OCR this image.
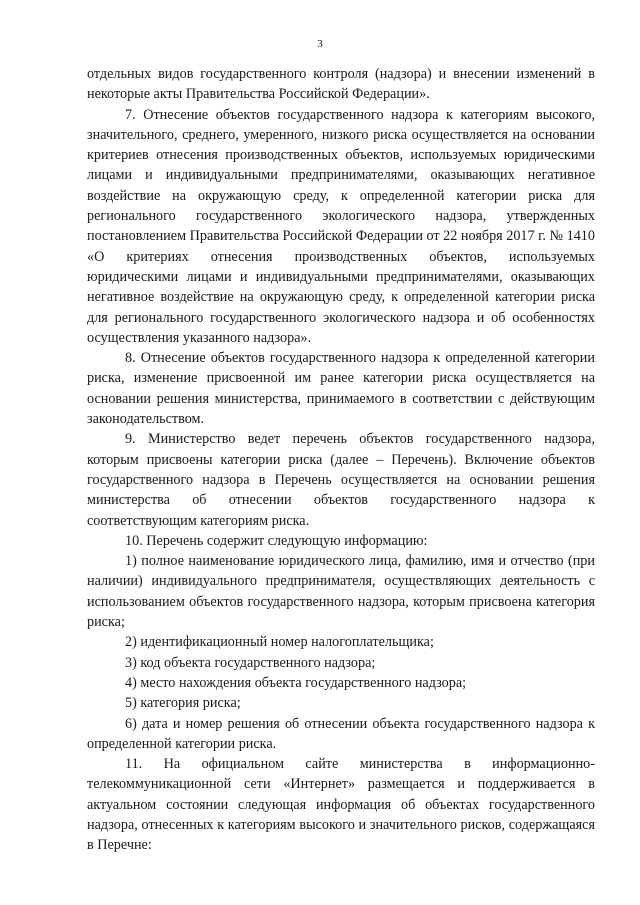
3

отдельных видов государственного контроля (надзора) и внесении изменений в некоторые акты Правительства Российской Федерации».

7. Отнесение объектов государственного надзора к категориям высокого, значительного, среднего, умеренного, низкого риска осуществляется на основании критериев отнесения производственных объектов, используемых юридическими лицами и индивидуальными предпринимателями, оказывающих негативное воздействие на окружающую среду, к определенной категории риска для регионального государственного экологического надзора, утвержденных постановлением Правительства Российской Федерации от 22 ноября 2017 г. № 1410 «О критериях отнесения производственных объектов, используемых юридическими лицами и индивидуальными предпринимателями, оказывающих негативное воздействие на окружающую среду, к определенной категории риска для регионального государственного экологического надзора и об особенностях осуществления указанного надзора».

8. Отнесение объектов государственного надзора к определенной категории риска, изменение присвоенной им ранее категории риска осуществляется на основании решения министерства, принимаемого в соответствии с действующим законодательством.

9. Министерство ведет перечень объектов государственного надзора, которым присвоены категории риска (далее – Перечень). Включение объектов государственного надзора в Перечень осуществляется на основании решения министерства об отнесении объектов государственного надзора к соответствующим категориям риска.

10. Перечень содержит следующую информацию:

1) полное наименование юридического лица, фамилию, имя и отчество (при наличии) индивидуального предпринимателя, осуществляющих деятельность с использованием объектов государственного надзора, которым присвоена категория риска;

2) идентификационный номер налогоплательщика;

3) код объекта государственного надзора;

4) место нахождения объекта государственного надзора;

5) категория риска;

6) дата и номер решения об отнесении объекта государственного надзора к определенной категории риска.

11. На официальном сайте министерства в информационно-телекоммуникационной сети «Интернет» размещается и поддерживается в актуальном состоянии следующая информация об объектах государственного надзора, отнесенных к категориям высокого и значительного рисков, содержащаяся в Перечне:
